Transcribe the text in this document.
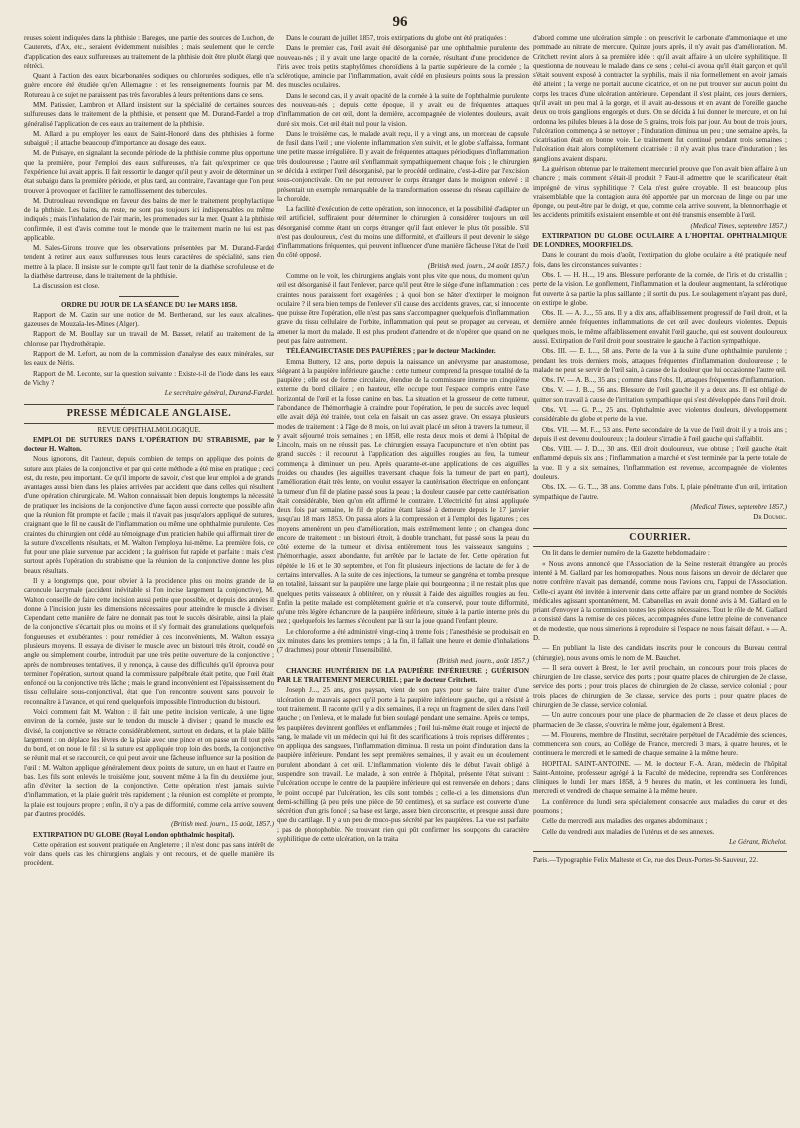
96

reuses soient indiquées dans la phthisie : Bareges, une partie des sources de Luchon, de Cauterets, d'Ax, etc., seraient évidemment nuisibles ; mais seulement que le cercle d'application des eaux sulfureuses au traitement de la phthisie doit être plutôt élargi que rétréci.

Quant à l'action des eaux bicarbonatées sodiques ou chlorurées sodiques, elle n'a guère encore été étudiée qu'en Allemagne : et les renseignements fournis par M. Rotureau à ce sujet ne paraissent pas très favorables à leurs prétentions dans ce sens.

MM. Patissier, Lambron et Allard insistent sur la spécialité de certaines sources sulfureuses dans le traitement de la phthisie, et pensent que M. Durand-Fardel a trop généralisé l'application de ces eaux au traitement de la phthisie.

M. Allard a pu employer les eaux de Saint-Honoré dans des phthisies à forme subaiguë ; il attache beaucoup d'importance au dosage des eaux.

M. de Puisaye, en signalant la seconde période de la phthisie comme plus opportune que la première, pour l'emploi des eaux sulfureuses, n'a fait qu'exprimer ce que l'expérience lui avait appris. Il fait ressortir le danger qu'il peut y avoir de déterminer un état subaigu dans la première période, et plus tard, au contraire, l'avantage que l'on peut trouver à provoquer et faciliter le ramollissement des tubercules.

M. Dutrouleau revendique en faveur des bains de mer le traitement prophylactique de la phthisie. Les bains, du reste, ne sont pas toujours ici indispensables ou même indiqués ; mais l'inhalation de l'air marin, les promenades sur la mer. Quant à la phthisie confirmée, il est d'avis comme tout le monde que le traitement marin ne lui est pas applicable.

M. Sales-Girons trouve que les observations présentées par M. Durand-Fardel tendent à retirer aux eaux sulfureuses tous leurs caractères de spécialité, sans rien mettre à la place. Il insiste sur le compte qu'il faut tenir de la diathèse scrofuleuse et de la diathèse dartreuse, dans le traitement de la phthisie.

La discussion est close.

ORDRE DU JOUR DE LA SÉANCE DU 1er MARS 1858.

Rapport de M. Cazin sur une notice de M. Bertherand, sur les eaux alcalines-gazeuses de Mouzaïa-les-Mines (Alger).

Rapport de M. Boullay sur un travail de M. Basset, relatif au traitement de la chlorose par l'hydrothérapie.

Rapport de M. Lefort, au nom de la commission d'analyse des eaux minérales, sur les eaux de Néris.

Rapport de M. Leconte, sur la question suivante : Existe-t-il de l'iode dans les eaux de Vichy ?

Le secrétaire général, Durand-Fardel.

PRESSE MÉDICALE ANGLAISE.

REVUE OPHTHALMOLOGIQUE.

EMPLOI DE SUTURES DANS L'OPÉRATION DU STRABISME, par le docteur H. Walton.

Nous ignorons, dit l'auteur, depuis combien de temps on applique des points de suture aux plaies de la conjonctive et par qui cette méthode a été mise en pratique ; ceci est, du reste, peu important. Ce qu'il importe de savoir, c'est que leur emploi a de grands avantages aussi bien dans les plaies arrivées par accident que dans celles qui résultent d'une opération chirurgicale. M. Walton connaissait bien depuis longtemps la nécessité de pratiquer les incisions de la conjonctive d'une façon aussi correcte que possible afin que la réunion fût prompte et facile ; mais il n'avait pas jusqu'alors appliqué de sutures, craignant que le fil ne causât de l'inflammation ou même une ophthalmie purulente. Ces craintes du chirurgien ont cédé au témoignage d'un praticien habile qui affirmait tirer de la suture d'excellents résultats, et M. Walton l'employa lui-même. La première fois, ce fut pour une plaie survenue par accident ; la guérison fut rapide et parfaite : mais c'est surtout après l'opération du strabisme que la réunion de la conjonctive donne les plus beaux résultats.

Il y a longtemps que, pour obvier à la procidence plus ou moins grande de la caroncule lacrymale (accident inévitable si l'on incise largement la conjonctive), M. Walton conseille de faire cette incision aussi petite que possible, et depuis des années il donne à l'incision juste les dimensions nécessaires pour atteindre le muscle à diviser. Cependant cette manière de faire ne donnait pas tout le succès désirable, ainsi la plaie de la conjonctive s'écartait plus ou moins et il s'y formait des granulations quelquefois fongueuses et exubérantes : pour remédier à ces inconvénients, M. Walton essaya plusieurs moyens. Il essaya de diviser le muscle avec un bistouri très étroit, coudé en angle ou simplement courbe, introduit par une très petite ouverture de la conjonctive ; après de nombreuses tentatives, il y renonça, à cause des difficultés qu'il éprouva pour terminer l'opération, surtout quand la commissure palpébrale était petite, que l'œil était enfoncé ou la conjonctive très lâche ; mais le grand inconvénient est l'épaississement du tissu cellulaire sous-conjonctival, état que l'on rencontre souvent sans pouvoir le reconnaître à l'avance, et qui rend quelquefois impossible l'introduction du bistouri.

Voici comment fait M. Walton : il fait une petite incision verticale, à une ligne environ de la cornée, juste sur le tendon du muscle à diviser ; quand le muscle est divisé, la conjonctive se rétracte considérablement, surtout en dedans, et la plaie bâille largement : on déplace les lèvres de la plaie avec une pince et on passe un fil tout près du bord, et on noue le fil : si la suture est appliquée trop loin des bords, la conjonctive se réunit mal et se raccourcit, ce qui peut avoir une fâcheuse influence sur la position de l'œil : M. Walton applique généralement deux points de suture, un en haut et l'autre en bas. Les fils sont enlevés le troisième jour, souvent même à la fin du deuxième jour, afin d'éviter la section de la conjonctive. Cette opération n'est jamais suivie d'inflammation, et la plaie guérit très rapidement ; la réunion est complète et prompte, la plaie est toujours propre ; enfin, il n'y a pas de difformité, comme cela arrive souvent par d'autres procédés.

(British med. journ., 15 août, 1857.)

EXTIRPATION DU GLOBE (Royal London ophthalmic hospital).

Cette opération est souvent pratiquée en Angleterre ; il n'est donc pas sans intérêt de voir dans quels cas les chirurgiens anglais y ont recours, et de quelle manière ils procèdent.

Dans le courant de juillet 1857, trois extirpations du globe ont été pratiquées :

Dans le premier cas, l'œil avait été désorganisé par une ophthalmie purulente des nouveau-nés ; il y avait une large opacité de la cornée, résultant d'une procidence de l'iris avec trois petits staphylômes choroïdiens à la partie supérieure de la cornée ; la sclérotique, amincie par l'inflammation, avait cédé en plusieurs points sous la pression des muscles oculaires.

Dans le second cas, il y avait opacité de la cornée à la suite de l'ophthalmie purulente des nouveau-nés ; depuis cette époque, il y avait eu de fréquentes attaques d'inflammation de cet œil, dont la dernière, accompagnée de violentes douleurs, avait duré six mois. Cet œil était nul pour la vision.

Dans le troisième cas, le malade avait reçu, il y a vingt ans, un morceau de capsule de fusil dans l'œil ; une violente inflammation s'en suivit, et le globe s'affaissa, formant une petite masse irrégulière. Il y avait de fréquentes attaques périodiques d'inflammation très douloureuse ; l'autre œil s'enflammait sympathiquement chaque fois ; le chirurgien se décida à extirper l'œil désorganisé, par le procédé ordinaire, c'est-à-dire par l'excision sous-conjonctivale. On ne put retrouver le corps étranger dans le moignon enlevé : il présentait un exemple remarquable de la transformation osseuse du réseau capillaire de la choroïde.

La facilité d'exécution de cette opération, son innocence, et la possibilité d'adapter un œil artificiel, suffiraient pour déterminer le chirurgien à considérer toujours un œil désorganisé comme étant un corps étranger qu'il faut enlever le plus tôt possible. S'il n'est pas douloureux, c'est du moins une difformité, et d'ailleurs il peut devenir le siège d'inflammations fréquentes, qui peuvent influencer d'une manière fâcheuse l'état de l'œil du côté opposé.

(British med. journ., 24 août 1857.)

Comme on le voit, les chirurgiens anglais vont plus vite que nous, du moment qu'un œil est désorganisé il faut l'enlever, parce qu'il peut être le siège d'une inflammation : ces craintes nous paraissent fort exagérées ; à quoi bon se hâter d'extirper le moignon oculaire ? il sera bien temps de l'enlever s'il cause des accidents graves, car, si innocente que puisse être l'opération, elle n'est pas sans s'accompagner quelquefois d'inflammation grave du tissu cellulaire de l'orbite, inflammation qui peut se propager au cerveau, et amener la mort du malade. Il est plus prudent d'attendre et de n'opérer que quand on ne peut pas faire autrement.

TÉLÉANGIECTASIE DES PAUPIÈRES ; par le docteur Mackinder.

Emma Buttery, 12 ans, porte depuis la naissance un anévrysme par anastomose, siégeant à la paupière inférieure gauche : cette tumeur comprend la presque totalité de la paupière ; elle est de forme circulaire, étendue de la commissure interne un cinquième externe du bord ciliaire ; en hauteur, elle occupe tout l'espace compris entre l'axe horizontal de l'œil et la fosse canine en bas. La situation et la grosseur de cette tumeur, l'abondance de l'hémorrhagie à craindre pour l'opération, le peu de succès avec lequel elle avait déjà été traitée, tout cela en faisait un cas assez grave. On essaya plusieurs modes de traitement : à l'âge de 8 mois, on lui avait placé un séton à travers la tumeur, il y avait séjourné trois semaines ; en 1858, elle resta deux mois et demi à l'hôpital de Lincoln, mais on ne réussit pas. Le chirurgien essaya l'acupuncture et n'en obtint pas grand succès : il recourut à l'application des aiguilles rougies au feu, la tumeur commença à diminuer un peu. Après quarante-et-une applications de ces aiguilles froides ou chaudes (les aiguilles traversant chaque fois la tumeur de part en part), l'amélioration était très lente, on voulut essayer la cautérisation électrique en enfonçant la tumeur d'un fil de platine passé sous la peau ; la douleur causée par cette cautérisation était considérable, bien qu'on eût affirmé le contraire. L'électricité fut ainsi appliquée deux fois par semaine, le fil de platine étant laissé à demeure depuis le 17 janvier jusqu'au 18 mars 1853. On passa alors à la compression et à l'emploi des ligatures ; ces moyens amenèrent un peu d'amélioration, mais extrêmement lente ; on changea donc encore de traitement : un bistouri étroit, à double tranchant, fut passé sous la peau du côté externe de la tumeur et divisa entièrement tous les vaisseaux sanguins ; l'hémorrhagie, assez abondante, fut arrêtée par le lactate de fer. Cette opération fut répétée le 16 et le 30 septembre, et l'on fit plusieurs injections de lactate de fer à de certains intervalles. A la suite de ces injections, la tumeur se gangréna et tomba presque en totalité, laissant sur la paupière une large plaie qui bourgeonna ; il ne restait plus que quelques petits vaisseaux à oblitérer, on y réussit à l'aide des aiguilles rougies au feu. Enfin la petite malade est complètement guérie et n'a conservé, pour toute difformité, qu'une très légère échancrure de la paupière inférieure, située à la partie interne près du nez ; quelquefois les larmes s'écoulent par là sur la joue quand l'enfant pleure.

Le chloroforme a été administré vingt-cinq à trente fois ; l'anesthésie se produisait en six minutes dans les premiers temps ; à la fin, il fallait une heure et demie d'inhalations (7 drachmes) pour obtenir l'insensibilité.

(British med. journ., août 1857.)

CHANCRE HUNTÉRIEN DE LA PAUPIÈRE INFÉRIEURE ; GUÉRISON PAR LE TRAITEMENT MERCURIEL ; par le docteur Critchett.

Joseph J..., 25 ans, gros paysan, vient de son pays pour se faire traiter d'une ulcération de mauvais aspect qu'il porte à la paupière inférieure gauche, qui a résisté à tout traitement. Il raconte qu'il y a dix semaines, il a reçu un fragment de silex dans l'œil gauche ; on l'enleva, et le malade fut bien soulagé pendant une semaine. Après ce temps, les paupières devinrent gonflées et enflammées ; l'œil lui-même était rouge et injecté de sang, le malade vit un médecin qui lui fit des scarifications à trois reprises différentes ; on appliqua des sangsues, l'inflammation diminua. Il resta un point d'induration dans la paupière inférieure. Pendant les sept premières semaines, il y avait eu un écoulement purulent abondant à cet œil. L'inflammation violente dès le début l'avait obligé à suspendre son travail. Le malade, à son entrée à l'hôpital, présente l'état suivant : l'ulcération occupe le centre de la paupière inférieure qui est renversée en dehors ; dans le point occupé par l'ulcération, les cils sont tombés ; celle-ci a les dimensions d'un demi-schilling (à peu près une pièce de 50 centimes), et sa surface est couverte d'une sécrétion d'un gris foncé ; sa base est large, assez bien circonscrite, et presque aussi dure que du cartilage. Il y a un peu de muco-pus sécrété par les paupières. La vue est parfaite ; pas de photophobie. Ne trouvant rien qui pût confirmer les soupçons du caractère syphilitique de cette ulcération, on la traita

d'abord comme une ulcération simple : on prescrivit le carbonate d'ammoniaque et une pommade au nitrate de mercure. Quinze jours après, il n'y avait pas d'amélioration. M. Critchett revint alors à sa première idée : qu'il avait affaire à un ulcère syphilitique. Il questionna de nouveau le malade dans ce sens ; celui-ci avoua qu'il était garçon et qu'il s'était souvent exposé à contracter la syphilis, mais il nia formellement en avoir jamais été atteint ; la verge ne portait aucune cicatrice, et on ne put trouver sur aucun point du corps les traces d'une ulcération antérieure. Cependant il s'est plaint, ces jours derniers, qu'il avait un peu mal à la gorge, et il avait au-dessous et en avant de l'oreille gauche deux ou trois ganglions engorgés et durs. On se décida à lui donner le mercure, et on lui ordonna les pilules bleues à la dose de 5 grains, trois fois par jour. Au bout de trois jours, l'ulcération commença à se nettoyer ; l'induration diminua un peu ; une semaine après, la cicatrisation était en bonne voie. Le traitement fut continué pendant trois semaines ; l'ulcération était alors complètement cicatrisée : il n'y avait plus trace d'induration ; les ganglions avaient disparu.

La guérison obtenue par le traitement mercuriel prouve que l'on avait bien affaire à un chancre ; mais comment s'était-il produit ? Faut-il admettre que le scarificateur était imprégné de virus syphilitique ? Cela n'est guère croyable. Il est beaucoup plus vraisemblable que la contagion aura été apportée par un morceau de linge ou par une éponge, ou peut-être par le doigt, et que, comme cela arrive souvent, la blennorrhagie et les accidents primitifs existaient ensemble et ont été transmis ensemble à l'œil.

(Medical Times, septembre 1857.)

EXTIRPATION DU GLOBE OCULAIRE A L'HOPITAL OPHTHALMIQUE DE LONDRES, MOORFIELDS.

Dans le courant du mois d'août, l'extirpation du globe oculaire a été pratiquée neuf fois, dans les circonstances suivantes :

Obs. I. — H. H..., 19 ans. Blessure perforante de la cornée, de l'iris et du cristallin ; perte de la vision. Le gonflement, l'inflammation et la douleur augmentant, la sclérotique fut ouverte à sa partie la plus saillante ; il sortit du pus. Le soulagement n'ayant pas duré, on extirpe le globe.

Obs. II. — A. J..., 55 ans. Il y a dix ans, affaiblissement progressif de l'œil droit, et la dernière année fréquentes inflammations de cet œil avec douleurs violentes. Depuis quelques mois, le même affaiblissement envahit l'œil gauche, qui est souvent douloureux aussi. Extirpation de l'œil droit pour soustraire le gauche à l'action sympathique.

Obs. III. — E. L..., 58 ans. Perte de la vue à la suite d'une ophthalmie purulente ; pendant les trois derniers mois, attaques fréquentes d'inflammation douloureuse ; le malade ne peut se servir de l'œil sain, à cause de la douleur que lui occasionne l'autre œil.

Obs. IV. — A. B..., 35 ans ; comme dans l'obs. II, attaques fréquentes d'inflammation.

Obs. V. — J. B..., 56 ans. Blessure de l'œil gauche il y a deux ans. Il est obligé de quitter son travail à cause de l'irritation sympathique qui s'est développée dans l'œil droit.

Obs. VI. — G. P..., 25 ans. Ophthalmie avec violentes douleurs, développement considérable du globe et perte de la vue.

Obs. VII. — M. F..., 53 ans. Perte secondaire de la vue de l'œil droit il y a trois ans ; depuis il est devenu douloureux ; la douleur s'irradie à l'œil gauche qui s'affaiblit.

Obs. VIII. — J. D..., 30 ans. Œil droit douloureux, vue obtuse ; l'œil gauche était enflammé depuis six ans ; l'inflammation a marché et s'est terminée par la perte totale de la vue. Il y a six semaines, l'inflammation est revenue, accompagnée de violentes douleurs.

Obs. IX. — G. T..., 38 ans. Comme dans l'obs. I, plaie pénétrante d'un œil, irritation sympathique de l'autre.

(Medical Times, septembre 1857.)

Dr Doumic.

COURRIER.

On lit dans le dernier numéro de la Gazette hebdomadaire :

« Nous avons annoncé que l'Association de la Seine resterait étrangère au procès intenté à M. Gallard par les homœopathes. Nous nous faisons un devoir de déclarer que notre confrère n'avait pas demandé, comme nous l'avions cru, l'appui de l'Association. Celle-ci ayant été invitée à intervenir dans cette affaire par un grand nombre de Sociétés médicales agissant spontanément, M. Cabanellas en avait donné avis à M. Gallard en le priant d'envoyer à la commission toutes les pièces nécessaires. Tout le rôle de M. Gallard a consisté dans la remise de ces pièces, accompagnées d'une lettre pleine de convenance et de modestie, que nous simerions à reproduire si l'espace ne nous faisait défaut. » — A. D.

— En publiant la liste des candidats inscrits pour le concours du Bureau central (chirurgie), nous avons omis le nom de M. Bauchet.

— Il sera ouvert à Brest, le 1er avril prochain, un concours pour trois places de chirurgien de 1re classe, service des ports ; pour quatre places de chirurgien de 2e classe, service des ports ; pour trois places de chirurgien de 2e classe, service colonial ; pour trois places de chirurgien de 3e classe, service des ports ; pour quatre places de chirurgien de 3e classe, service colonial.

— Un autre concours pour une place de pharmacien de 2e classe et deux places de pharmacien de 3e classe, s'ouvrira le même jour, également à Brest.

— M. Flourens, membre de l'Institut, secrétaire perpétuel de l'Académie des sciences, commencera son cours, au Collége de France, mercredi 3 mars, à quatre heures, et le continuera le mercredi et le samedi de chaque semaine à la même heure.

HOPITAL SAINT-ANTOINE. — M. le docteur F.-A. Aran, médecin de l'hôpital Saint-Antoine, professeur agrégé à la Faculté de médecine, reprendra ses Conférences cliniques le lundi 1er mars 1858, à 9 heures du matin, et les continuera les lundi, mercredi et vendredi de chaque semaine à la même heure.

La conférence du lundi sera spécialement consacrée aux maladies du cœur et des poumons ;

Celle du mercredi aux maladies des organes abdominaux ;

Celle du vendredi aux maladies de l'utérus et de ses annexes.

Le Gérant, Richelot.

Paris.—Typographie Felix Malteste et Ce, rue des Deux-Portes-St-Sauveur, 22.
